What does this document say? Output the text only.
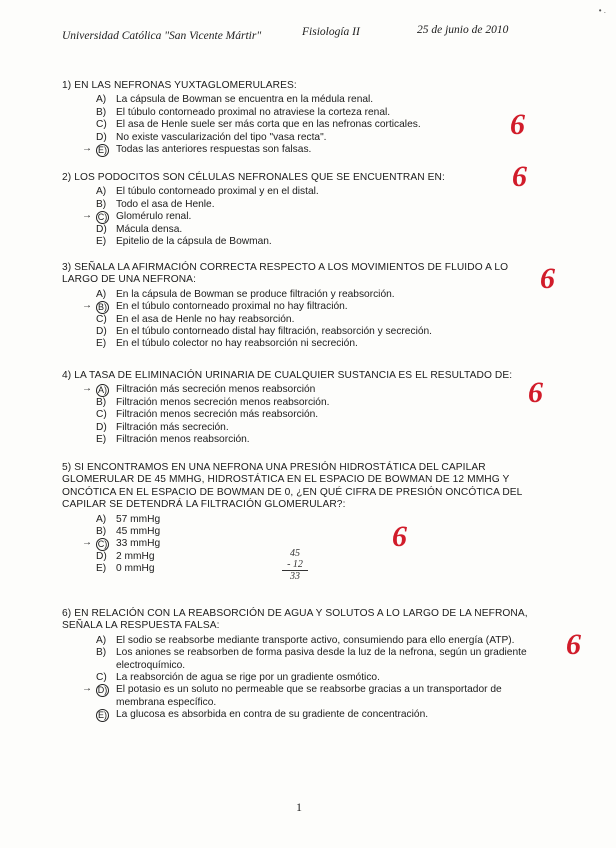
• .
Universidad Católica "San Vicente Mártir"	Fisiología II	25 de junio de 2010
1) EN LAS NEFRONAS YUXTAGLOMERULARES:
A) La cápsula de Bowman se encuentra en la médula renal.
B) El túbulo contorneado proximal no atraviese la corteza renal.
C) El asa de Henle suele ser más corta que en las nefronas corticales.
D) No existe vascularización del tipo "vasa recta".
→ E) Todas las anteriores respuestas son falsas.
6
2) LOS PODOCITOS SON CÉLULAS NEFRONALES QUE SE ENCUENTRAN EN:
A) El túbulo contorneado proximal y en el distal.
B) Todo el asa de Henle.
→ C) Glomérulo renal.
D) Mácula densa.
E) Epitelio de la cápsula de Bowman.
6
3) SEÑALA LA AFIRMACIÓN CORRECTA RESPECTO A LOS MOVIMIENTOS DE FLUIDO A LO LARGO DE UNA NEFRONA:
A) En la cápsula de Bowman se produce filtración y reabsorción.
→ B) En el túbulo contorneado proximal no hay filtración.
C) En el asa de Henle no hay reabsorción.
D) En el túbulo contorneado distal hay filtración, reabsorción y secreción.
E) En el túbulo colector no hay reabsorción ni secreción.
6
4) LA TASA DE ELIMINACIÓN URINARIA DE CUALQUIER SUSTANCIA ES EL RESULTADO DE:
→ A) Filtración más secreción menos reabsorción
B) Filtración menos secreción menos reabsorción.
C) Filtración menos secreción más reabsorción.
D) Filtración más secreción.
E) Filtración menos reabsorción.
6
5) SI ENCONTRAMOS EN UNA NEFRONA UNA PRESIÓN HIDROSTÁTICA DEL CAPILAR GLOMERULAR DE 45 MMHG, HIDROSTÁTICA EN EL ESPACIO DE BOWMAN DE 12 MMHG Y ONCÓTICA EN EL ESPACIO DE BOWMAN DE 0, ¿EN QUÉ CIFRA DE PRESIÓN ONCÓTICA DEL CAPILAR SE DETENDRÁ LA FILTRACIÓN GLOMERULAR?:
A) 57 mmHg
B) 45 mmHg
→ C) 33 mmHg
D) 2 mmHg
E) 0 mmHg
6
45
- 12
33
6) EN RELACIÓN CON LA REABSORCIÓN DE AGUA Y SOLUTOS A LO LARGO DE LA NEFRONA, SEÑALA LA RESPUESTA FALSA:
A) El sodio se reabsorbe mediante transporte activo, consumiendo para ello energía (ATP).
B) Los aniones se reabsorben de forma pasiva desde la luz de la nefrona, según un gradiente electroquímico.
C) La reabsorción de agua se rige por un gradiente osmótico.
→ D) El potasio es un soluto no permeable que se reabsorbe gracias a un transportador de membrana específico.
E) La glucosa es absorbida en contra de su gradiente de concentración.
6
1
